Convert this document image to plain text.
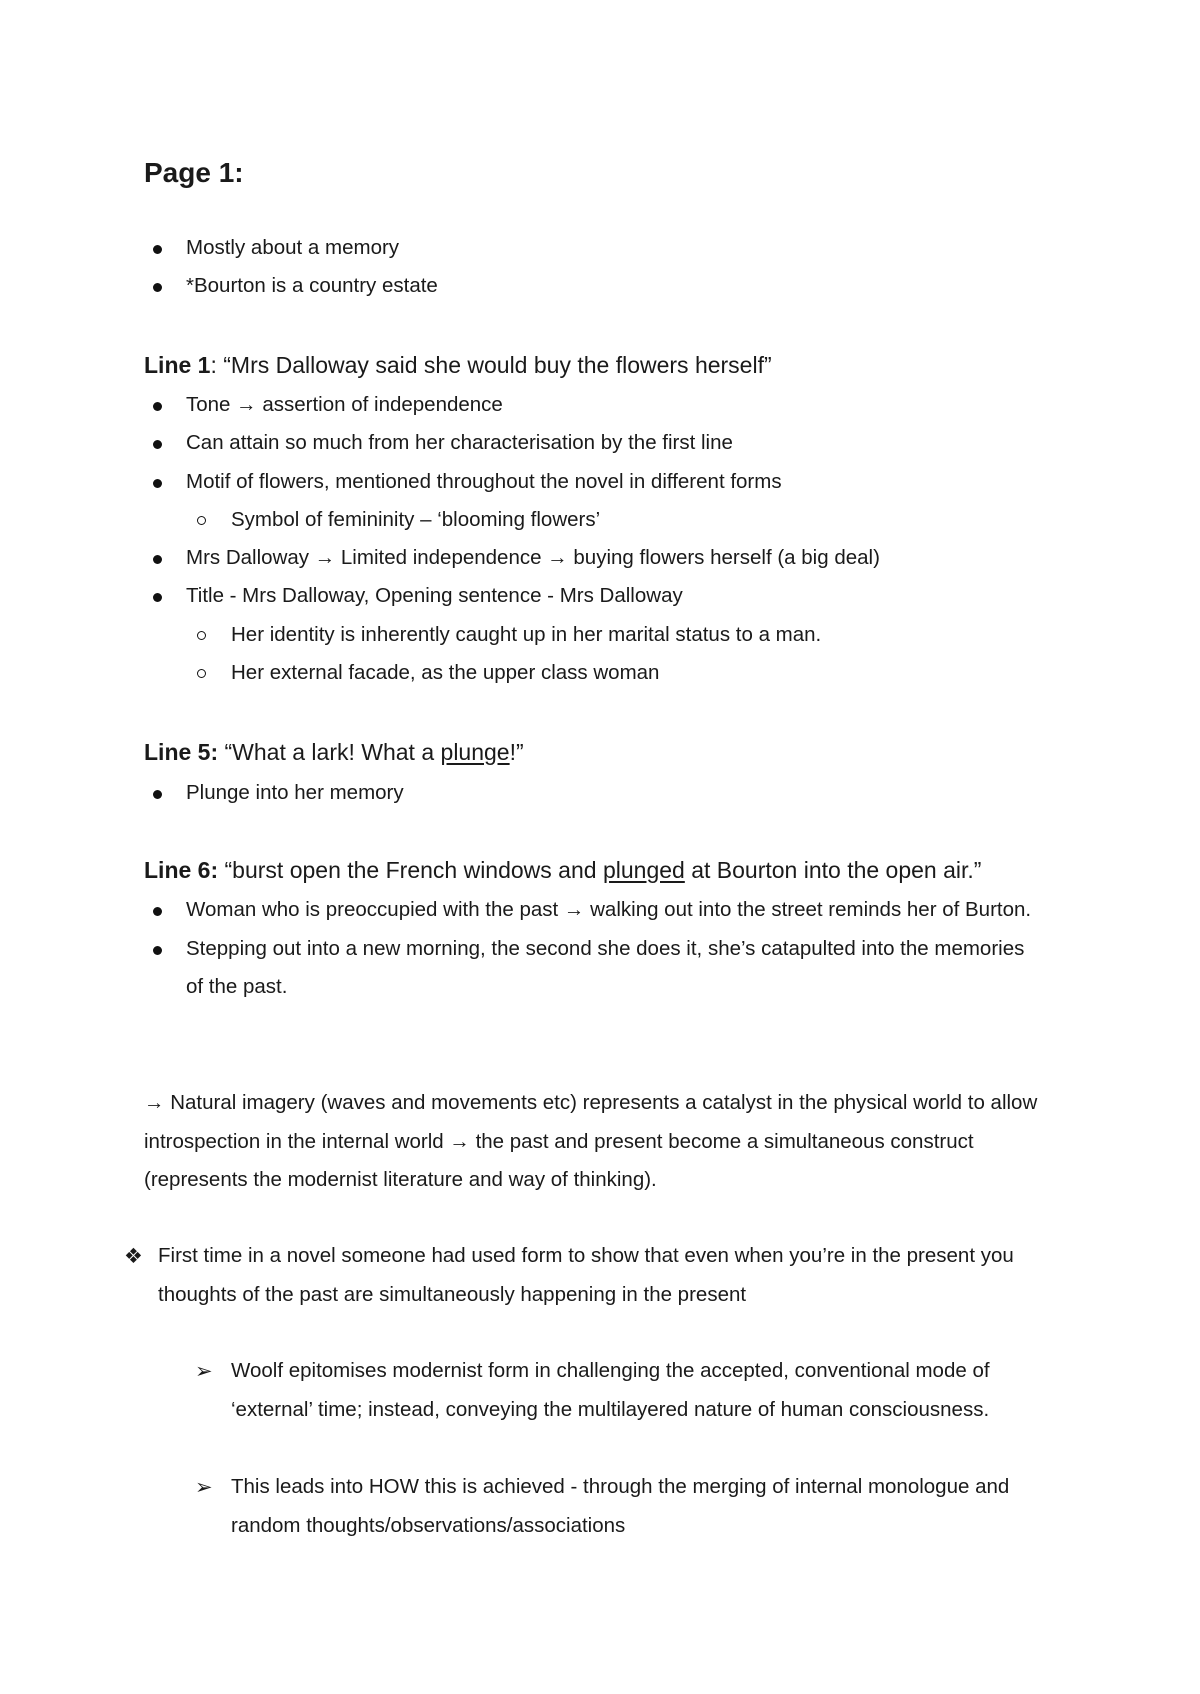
Page 1:
Mostly about a memory
*Bourton is a country estate
Line 1: “Mrs Dalloway said she would buy the flowers herself”
Tone → assertion of independence
Can attain so much from her characterisation by the first line
Motif of flowers, mentioned throughout the novel in different forms
Symbol of femininity – ‘blooming flowers’
Mrs Dalloway → Limited independence → buying flowers herself (a big deal)
Title - Mrs Dalloway, Opening sentence - Mrs Dalloway
Her identity is inherently caught up in her marital status to a man.
Her external facade, as the upper class woman
Line 5: “What a lark! What a plunge!”
Plunge into her memory
Line 6: “burst open the French windows and plunged at Bourton into the open air.”
Woman who is preoccupied with the past → walking out into the street reminds her of Burton.
Stepping out into a new morning, the second she does it, she’s catapulted into the memories
of the past.
→ Natural imagery (waves and movements etc) represents a catalyst in the physical world to allow
introspection in the internal world → the past and present become a simultaneous construct
(represents the modernist literature and way of thinking).
❖ First time in a novel someone had used form to show that even when you’re in the present you
thoughts of the past are simultaneously happening in the present
➢ Woolf epitomises modernist form in challenging the accepted, conventional mode of
‘external’ time; instead, conveying the multilayered nature of human consciousness.
➢ This leads into HOW this is achieved - through the merging of internal monologue and
random thoughts/observations/associations
